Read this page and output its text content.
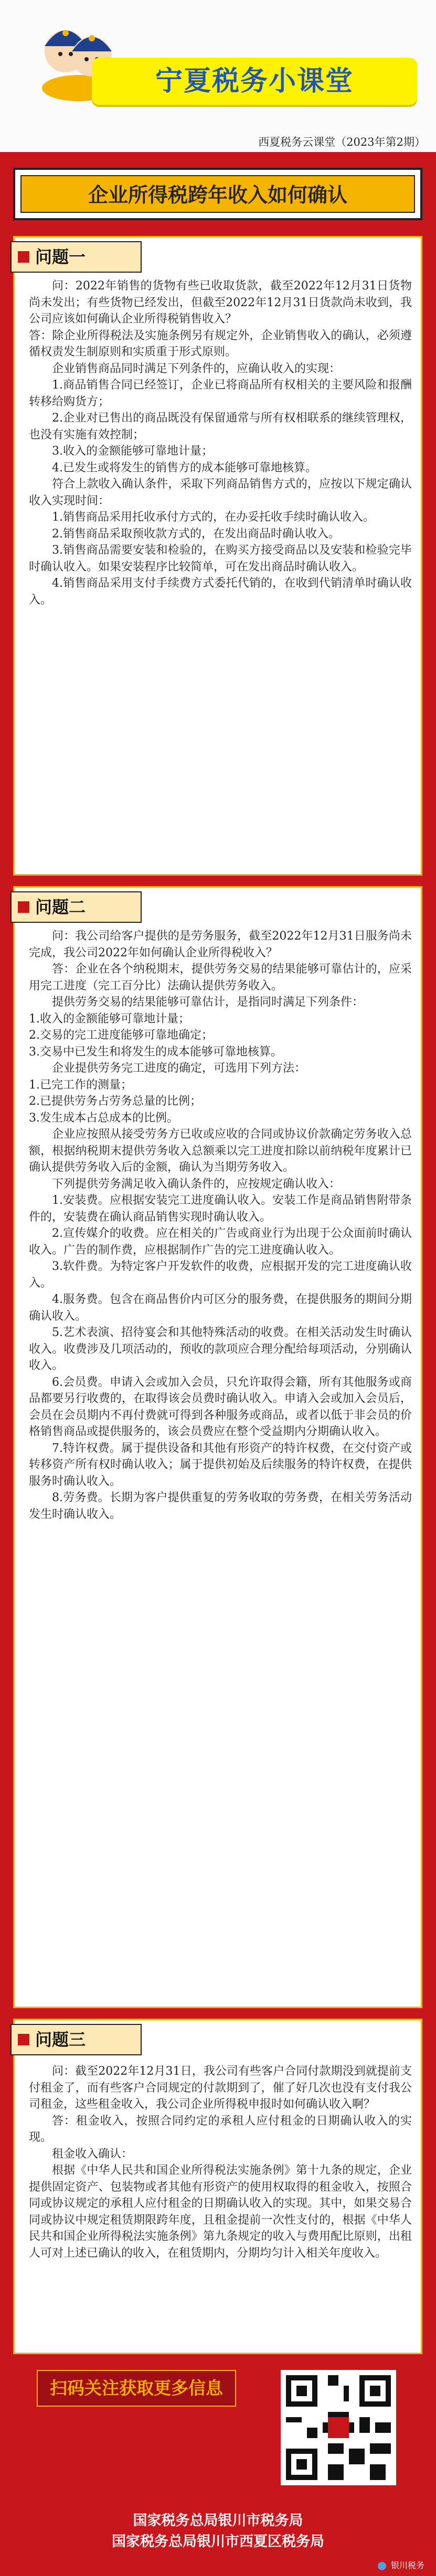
宁夏税务小课堂
西夏税务云课堂（2023年第2期）
企业所得税跨年收入如何确认
问题一

问：2022年销售的货物有些已收取货款，截至2022年12月31日货物尚未发出；有些货物已经发出，但截至2022年12月31日货款尚未收到，我公司应该如何确认企业所得税销售收入？

答：除企业所得税法及实施条例另有规定外，企业销售收入的确认，必须遵循权责发生制原则和实质重于形式原则。

企业销售商品同时满足下列条件的，应确认收入的实现：

1.商品销售合同已经签订，企业已将商品所有权相关的主要风险和报酬转移给购货方；

2.企业对已售出的商品既没有保留通常与所有权相联系的继续管理权，也没有实施有效控制；

3.收入的金额能够可靠地计量；

4.已发生或将发生的销售方的成本能够可靠地核算。

符合上款收入确认条件，采取下列商品销售方式的，应按以下规定确认收入实现时间：

1.销售商品采用托收承付方式的，在办妥托收手续时确认收入。

2.销售商品采取预收款方式的，在发出商品时确认收入。

3.销售商品需要安装和检验的，在购买方接受商品以及安装和检验完毕时确认收入。如果安装程序比较简单，可在发出商品时确认收入。

4.销售商品采用支付手续费方式委托代销的，在收到代销清单时确认收入。

问题二

问：我公司给客户提供的是劳务服务，截至2022年12月31日服务尚未完成，我公司2022年如何确认企业所得税收入？

答：企业在各个纳税期末，提供劳务交易的结果能够可靠估计的，应采用完工进度（完工百分比）法确认提供劳务收入。

提供劳务交易的结果能够可靠估计，是指同时满足下列条件：

1.收入的金额能够可靠地计量；

2.交易的完工进度能够可靠地确定；

3.交易中已发生和将发生的成本能够可靠地核算。

企业提供劳务完工进度的确定，可选用下列方法：

1.已完工作的测量；

2.已提供劳务占劳务总量的比例；

3.发生成本占总成本的比例。

企业应按照从接受劳务方已收或应收的合同或协议价款确定劳务收入总额，根据纳税期末提供劳务收入总额乘以完工进度扣除以前纳税年度累计已确认提供劳务收入后的金额，确认为当期劳务收入。

下列提供劳务满足收入确认条件的，应按规定确认收入：

1.安装费。应根据安装完工进度确认收入。安装工作是商品销售附带条件的，安装费在确认商品销售实现时确认收入。

2.宣传媒介的收费。应在相关的广告或商业行为出现于公众面前时确认收入。广告的制作费，应根据制作广告的完工进度确认收入。

3.软件费。为特定客户开发软件的收费，应根据开发的完工进度确认收入。

4.服务费。包含在商品售价内可区分的服务费，在提供服务的期间分期确认收入。

5.艺术表演、招待宴会和其他特殊活动的收费。在相关活动发生时确认收入。收费涉及几项活动的，预收的款项应合理分配给每项活动，分别确认收入。

6.会员费。申请入会或加入会员，只允许取得会籍，所有其他服务或商品都要另行收费的，在取得该会员费时确认收入。申请入会或加入会员后，会员在会员期内不再付费就可得到各种服务或商品，或者以低于非会员的价格销售商品或提供服务的，该会员费应在整个受益期内分期确认收入。

7.特许权费。属于提供设备和其他有形资产的特许权费，在交付资产或转移资产所有权时确认收入；属于提供初始及后续服务的特许权费，在提供服务时确认收入。

8.劳务费。长期为客户提供重复的劳务收取的劳务费，在相关劳务活动发生时确认收入。

问题三

问：截至2022年12月31日，我公司有些客户合同付款期没到就提前支付租金了，而有些客户合同规定的付款期到了，催了好几次也没有支付我公司租金，这些租金收入，我公司企业所得税申报时如何确认收入啊？

答：租金收入，按照合同约定的承租人应付租金的日期确认收入的实现。

租金收入确认：

根据《中华人民共和国企业所得税法实施条例》第十九条的规定，企业提供固定资产、包装物或者其他有形资产的使用权取得的租金收入，按照合同或协议规定的承租人应付租金的日期确认收入的实现。其中，如果交易合同或协议中规定租赁期限跨年度，且租金提前一次性支付的，根据《中华人民共和国企业所得税法实施条例》第九条规定的收入与费用配比原则，出租人可对上述已确认的收入，在租赁期内，分期均匀计入相关年度收入。

扫码关注获取更多信息
国家税务总局银川市税务局
国家税务总局银川市西夏区税务局
银川税务
